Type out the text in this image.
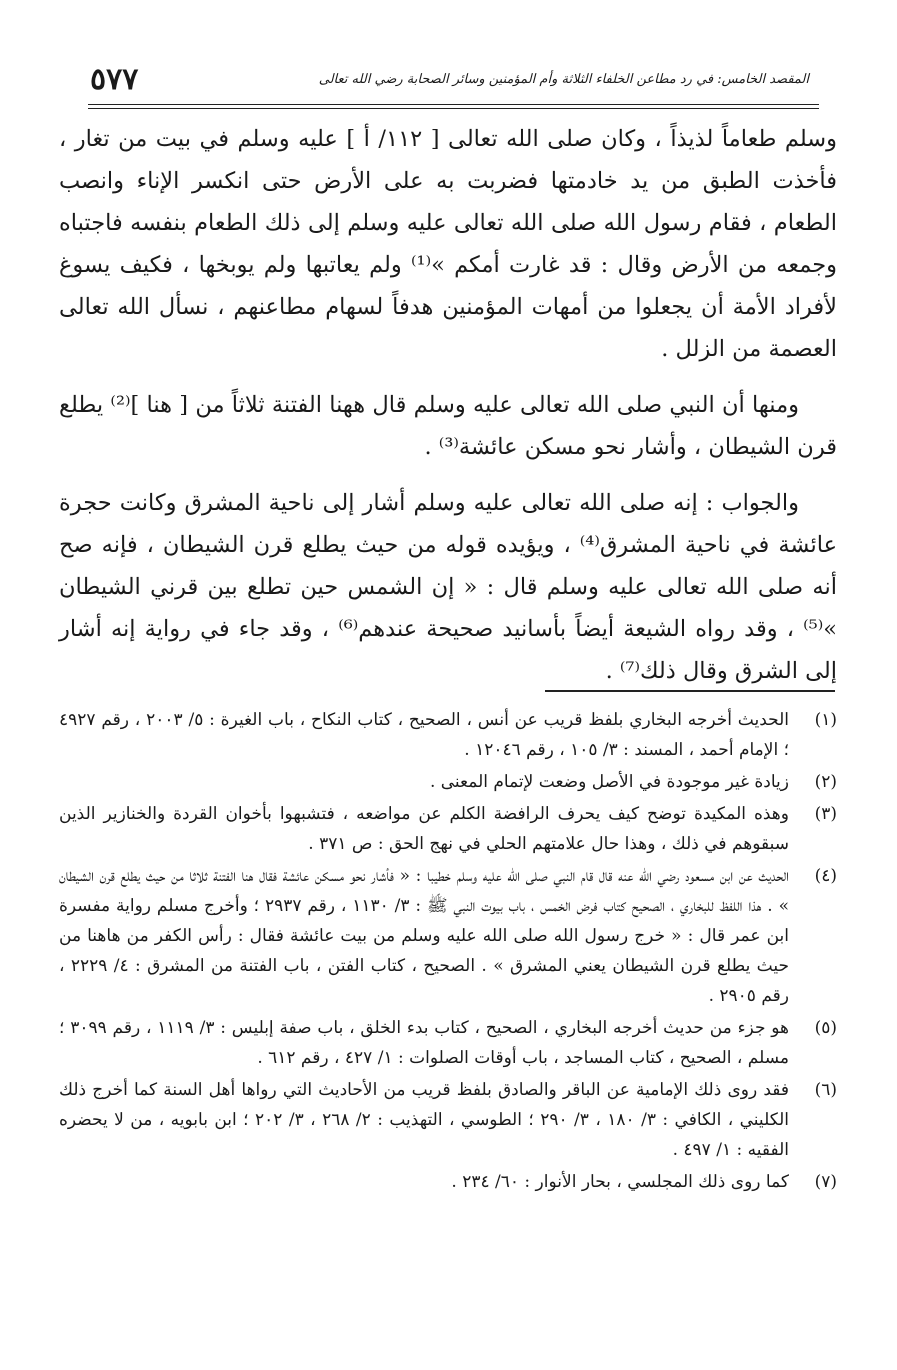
المقصد الخامس: في رد مطاعن الخلفاء الثلاثة وأم المؤمنين وسائر الصحابة رضي الله تعالى
٥٧٧

وسلم طعاماً لذيذاً ، وكان صلى الله تعالى [ ١١٢/ أ ] عليه وسلم في بيت من تغار ، فأخذت الطبق من يد خادمتها فضربت به على الأرض حتى انكسر الإناء وانصب الطعام ، فقام رسول الله صلى الله تعالى عليه وسلم إلى ذلك الطعام بنفسه فاجتباه وجمعه من الأرض وقال : قد غارت أمكم »⁽¹⁾ ولم يعاتبها ولم يوبخها ، فكيف يسوغ لأفراد الأمة أن يجعلوا من أمهات المؤمنين هدفاً لسهام مطاعنهم ، نسأل الله تعالى العصمة من الزلل .

ومنها أن النبي صلى الله تعالى عليه وسلم قال ههنا الفتنة ثلاثاً من [ هنا ]⁽²⁾ يطلع قرن الشيطان ، وأشار نحو مسكن عائشة⁽³⁾ .

والجواب : إنه صلى الله تعالى عليه وسلم أشار إلى ناحية المشرق وكانت حجرة عائشة في ناحية المشرق⁽⁴⁾ ، ويؤيده قوله من حيث يطلع قرن الشيطان ، فإنه صح أنه صلى الله تعالى عليه وسلم قال : « إن الشمس حين تطلع بين قرني الشيطان »⁽⁵⁾ ، وقد رواه الشيعة أيضاً بأسانيد صحيحة عندهم⁽⁶⁾ ، وقد جاء في رواية إنه أشار إلى الشرق وقال ذلك⁽⁷⁾ .

(١)
الحديث أخرجه البخاري بلفظ قريب عن أنس ، الصحيح ، كتاب النكاح ، باب الغيرة : ٥/ ٢٠٠٣ ، رقم ٤٩٢٧ ؛ الإمام أحمد ، المسند : ٣/ ١٠٥ ، رقم ١٢٠٤٦ .
(٢)
زيادة غير موجودة في الأصل وضعت لإتمام المعنى .
(٣)
وهذه المكيدة توضح كيف يحرف الرافضة الكلم عن مواضعه ، فتشبهوا بأخوان القردة والخنازير الذين سبقوهم في ذلك ، وهذا حال علامتهم الحلي في نهج الحق : ص ٣٧١ .
(٤)
الحديث عن ابن مسعود رضي الله عنه قال قام النبي صلى الله عليه وسلم خطيبا : « فأشار نحو مسكن عائشة فقال هنا الفتنة ثلاثا من حيث يطلع قرن الشيطان » . هذا اللفظ للبخاري ، الصحيح كتاب فرض الخمس ، باب بيوت النبي ﷺ : ٣/ ١١٣٠ ، رقم ٢٩٣٧ ؛ وأخرج مسلم رواية مفسرة ابن عمر قال : « خرج رسول الله صلى الله عليه وسلم من بيت عائشة فقال : رأس الكفر من هاهنا من حيث يطلع قرن الشيطان يعني المشرق » . الصحيح ، كتاب الفتن ، باب الفتنة من المشرق : ٤/ ٢٢٢٩ ، رقم ٢٩٠٥ .
(٥)
هو جزء من حديث أخرجه البخاري ، الصحيح ، كتاب بدء الخلق ، باب صفة إبليس : ٣/ ١١١٩ ، رقم ٣٠٩٩ ؛ مسلم ، الصحيح ، كتاب المساجد ، باب أوقات الصلوات : ١/ ٤٢٧ ، رقم ٦١٢ .
(٦)
فقد روى ذلك الإمامية عن الباقر والصادق بلفظ قريب من الأحاديث التي رواها أهل السنة كما أخرج ذلك الكليني ، الكافي : ٣/ ١٨٠ ، ٣/ ٢٩٠ ؛ الطوسي ، التهذيب : ٢/ ٢٦٨ ، ٣/ ٢٠٢ ؛ ابن بابويه ، من لا يحضره الفقيه : ١/ ٤٩٧ .
(٧)
كما روى ذلك المجلسي ، بحار الأنوار : ٦٠/ ٢٣٤ .
